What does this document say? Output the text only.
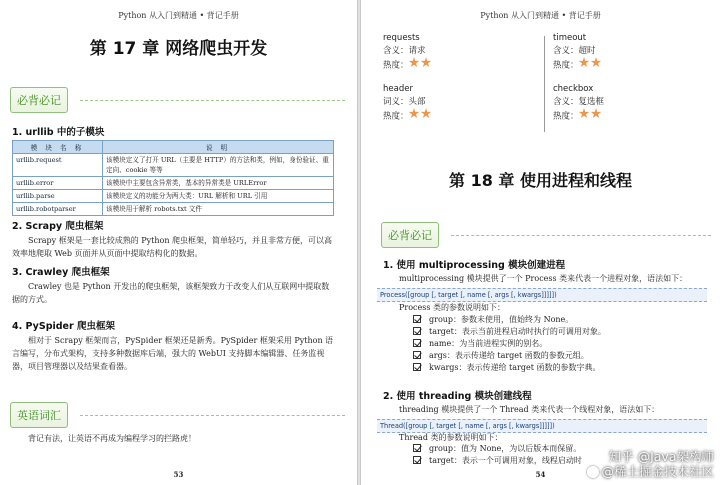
Python 从入门到精通 • 背记手册
第 17 章 网络爬虫开发
必背必记
1. urllib 中的子模块
模 块 名 称	说 明
urllib.request	该模块定义了打开 URL（主要是 HTTP）的方法和类，例如，身份验证、重定向、cookie 等等
urllib.error	该模块中主要包含异常类，基本的异常类是 URLError
urllib.parse	该模块定义的功能分为两大类：URL 解析和 URL 引用
urllib.robotparser	该模块用于解析 robots.txt 文件
2. Scrapy 爬虫框架
Scrapy 框架是一套比较成熟的 Python 爬虫框架，简单轻巧，并且非常方便，可以高效率地爬取 Web 页面并从页面中提取结构化的数据。
3. Crawley 爬虫框架
Crawley 也是 Python 开发出的爬虫框架，该框架致力于改变人们从互联网中提取数据的方式。
4. PySpider 爬虫框架
相对于 Scrapy 框架而言，PySpider 框架还是新秀。PySpider 框架采用 Python 语言编写，分布式架构，支持多种数据库后端，强大的 WebUI 支持脚本编辑器、任务监视器，项目管理器以及结果查看器。
英语词汇
背记有法，让英语不再成为编程学习的拦路虎！
53
Python 从入门到精通 • 背记手册
requests
含义：请求
热度：
timeout
含义：超时
热度：
header
词义：头部
热度：
checkbox
含义：复选框
热度：
第 18 章 使用进程和线程
必背必记
1. 使用 multiprocessing 模块创建进程
multiprocessing 模块提供了一个 Process 类来代表一个进程对象，语法如下：
Process([group [, target [, name [, args [, kwargs]]]]])
Process 类的参数说明如下：
group：参数未使用，值始终为 None。
target：表示当前进程启动时执行的可调用对象。
name：为当前进程实例的别名。
args：表示传递给 target 函数的参数元组。
kwargs：表示传递给 target 函数的参数字典。
2. 使用 threading 模块创建线程
threading 模块提供了一个 Thread 类来代表一个线程对象，语法如下：
Thread([group [, target [, name [, args [, kwargs]]]]])
Thread 类的参数说明如下：
group：值为 None，为以后版本而保留。
target：表示一个可调用对象，线程启动时
54
知乎 @Java架构师
@稀土掘金技术社区
